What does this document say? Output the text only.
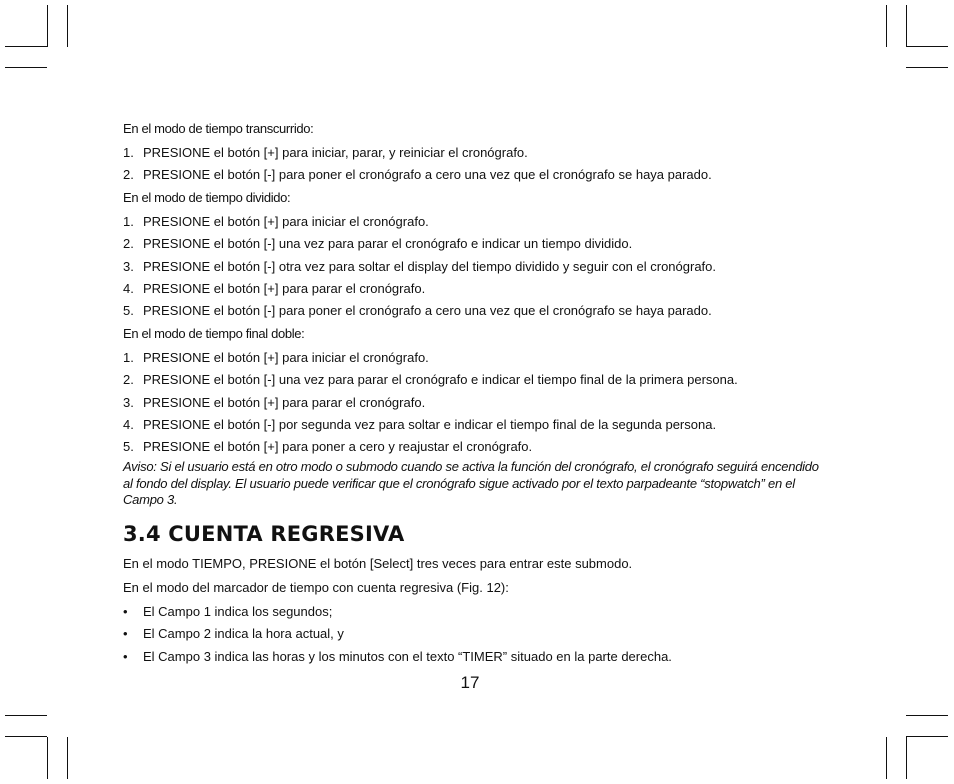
En el modo de tiempo transcurrido:
1. PRESIONE el botón [+] para iniciar, parar, y reiniciar el cronógrafo.
2. PRESIONE el botón [-] para poner el cronógrafo a cero una vez que el cronógrafo se haya parado.
En el modo de tiempo dividido:
1. PRESIONE el botón [+] para iniciar el cronógrafo.
2. PRESIONE el botón [-] una vez para parar el cronógrafo e indicar un tiempo dividido.
3. PRESIONE el botón [-] otra vez para soltar el display del tiempo dividido y seguir con el cronógrafo.
4. PRESIONE el botón [+] para parar el cronógrafo.
5. PRESIONE el botón [-] para poner el cronógrafo a cero una vez que el cronógrafo se haya parado.
En el modo de tiempo final doble:
1. PRESIONE el botón [+] para iniciar el cronógrafo.
2. PRESIONE el botón [-] una vez para parar el cronógrafo e indicar el tiempo final de la primera persona.
3. PRESIONE el botón [+] para parar el cronógrafo.
4. PRESIONE el botón [-] por segunda vez para soltar e indicar el tiempo final de la segunda persona.
5. PRESIONE el botón [+] para poner a cero y reajustar el cronógrafo.
Aviso: Si el usuario está en otro modo o submodo cuando se activa la función del cronógrafo, el cronógrafo seguirá encendido al fondo del display. El usuario puede verificar que el cronógrafo sigue activado por el texto parpadeante “stopwatch” en el Campo 3.
3.4 CUENTA REGRESIVA
En el modo TIEMPO, PRESIONE el botón [Select] tres veces para entrar este submodo.
En el modo del marcador de tiempo con cuenta regresiva (Fig. 12):
• El Campo 1 indica los segundos;
• El Campo 2 indica la hora actual, y
• El Campo 3 indica las horas y los minutos con el texto “TIMER” situado en la parte derecha.
17
